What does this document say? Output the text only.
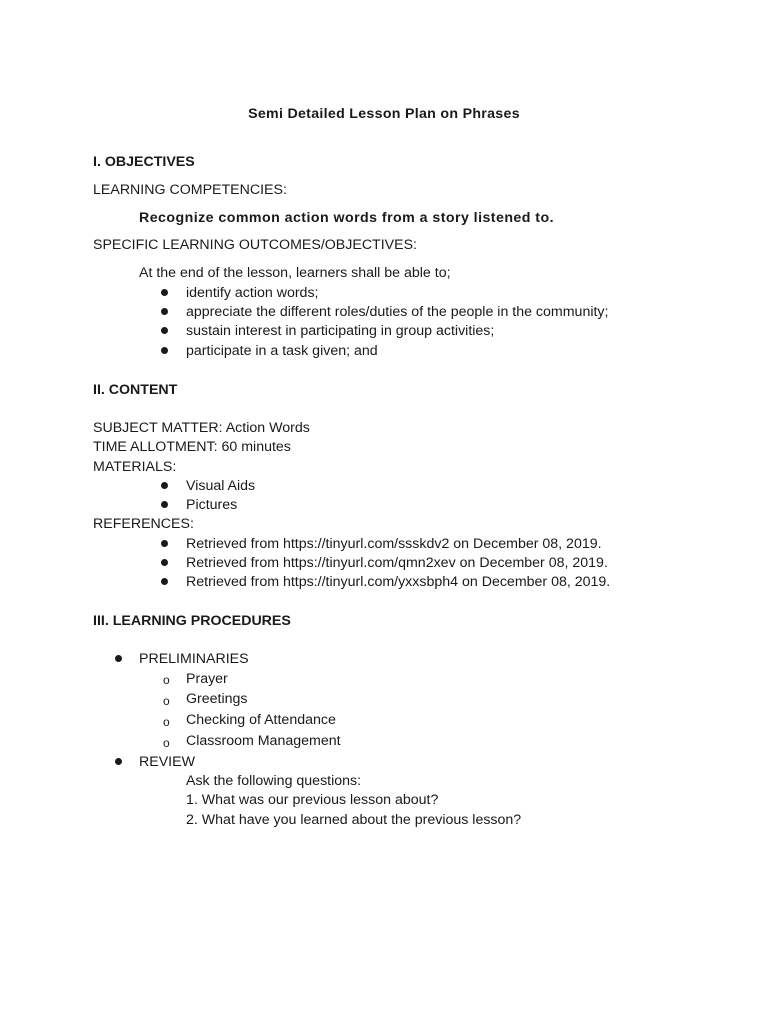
Semi Detailed Lesson Plan on Phrases
I. OBJECTIVES
LEARNING COMPETENCIES:
Recognize common action words from a story listened to.
SPECIFIC LEARNING OUTCOMES/OBJECTIVES:
At the end of the lesson, learners shall be able to;
identify action words;
appreciate the different roles/duties of the people in the community;
sustain interest in participating in group activities;
participate in a task given; and
II. CONTENT
SUBJECT MATTER: Action Words
TIME ALLOTMENT: 60 minutes
MATERIALS:
Visual Aids
Pictures
REFERENCES:
Retrieved from https://tinyurl.com/ssskdv2 on December 08, 2019.
Retrieved from https://tinyurl.com/qmn2xev on December 08, 2019.
Retrieved from https://tinyurl.com/yxxsbph4 on December 08, 2019.
III. LEARNING PROCEDURES
PRELIMINARIES
o Prayer
o Greetings
o Checking of Attendance
o Classroom Management
REVIEW
Ask the following questions:
1. What was our previous lesson about?
2. What have you learned about the previous lesson?
